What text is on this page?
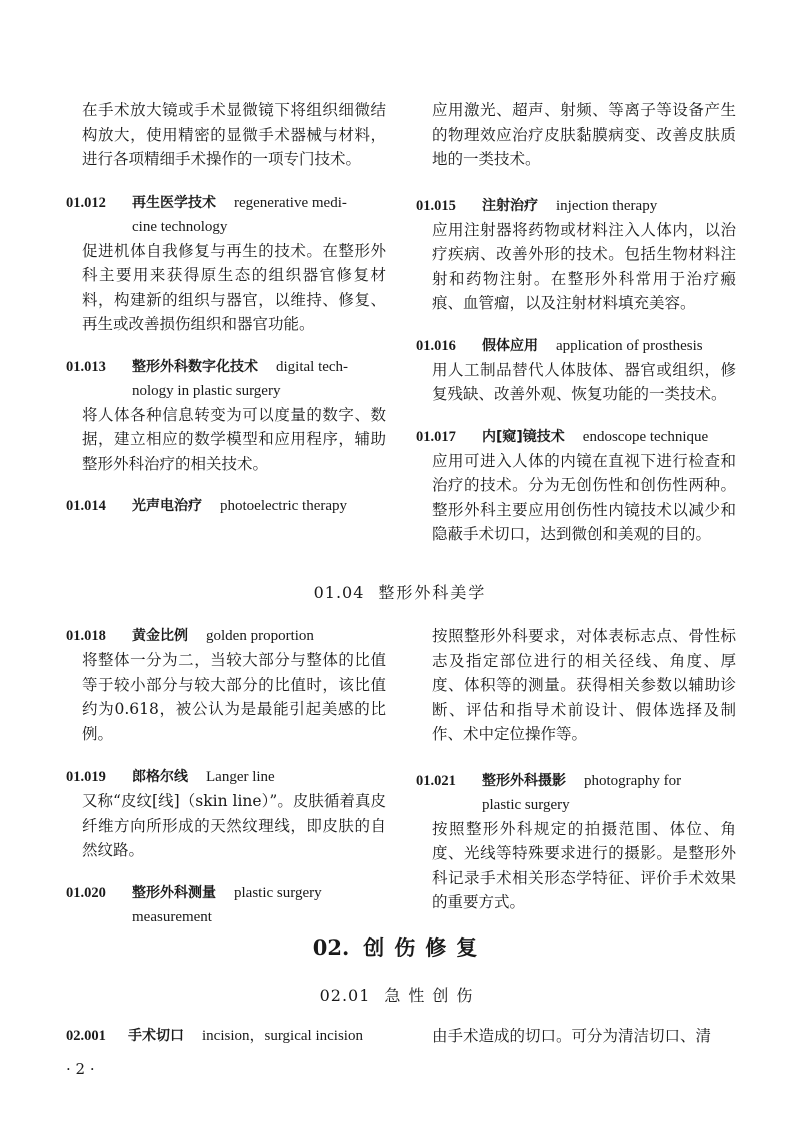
在手术放大镜或手术显微镜下将组织细微结构放大，使用精密的显微手术器械与材料，进行各项精细手术操作的一项专门技术。

01.012	再生医学技术 regenerative medi-
cine technology

促进机体自我修复与再生的技术。在整形外科主要用来获得原生态的组织器官修复材料，构建新的组织与器官，以维持、修复、再生或改善损伤组织和器官功能。

01.013	整形外科数字化技术 digital tech-
nology in plastic surgery

将人体各种信息转变为可以度量的数字、数据，建立相应的数学模型和应用程序，辅助整形外科治疗的相关技术。

01.014	光声电治疗 photoelectric therapy

应用激光、超声、射频、等离子等设备产生的物理效应治疗皮肤黏膜病变、改善皮肤质地的一类技术。

01.015	注射治疗 injection therapy

应用注射器将药物或材料注入人体内，以治疗疾病、改善外形的技术。包括生物材料注射和药物注射。在整形外科常用于治疗瘢痕、血管瘤，以及注射材料填充美容。

01.016	假体应用 application of prosthesis

用人工制品替代人体肢体、器官或组织，修复残缺、改善外观、恢复功能的一类技术。

01.017	内[窥]镜技术 endoscope technique

应用可进入人体的内镜在直视下进行检查和治疗的技术。分为无创伤性和创伤性两种。整形外科主要应用创伤性内镜技术以减少和隐蔽手术切口，达到微创和美观的目的。

01.04 整形外科美学
01.018	黄金比例 golden proportion

将整体一分为二，当较大部分与整体的比值等于较小部分与较大部分的比值时，该比值约为0.618，被公认为是最能引起美感的比例。

01.019	郎格尔线 Langer line

又称“皮纹[线]（skin line）”。皮肤循着真皮纤维方向所形成的天然纹理线，即皮肤的自然纹路。

01.020	整形外科测量 plastic surgery
measurement

按照整形外科要求，对体表标志点、骨性标志及指定部位进行的相关径线、角度、厚度、体积等的测量。获得相关参数以辅助诊断、评估和指导术前设计、假体选择及制作、术中定位操作等。

01.021	整形外科摄影 photography for
plastic surgery

按照整形外科规定的拍摄范围、体位、角度、光线等特殊要求进行的摄影。是整形外科记录手术相关形态学特征、评价手术效果的重要方式。

02. 创伤修复
02.01 急性创伤
02.001	手术切口 incision，surgical incision	由手术造成的切口。可分为清洁切口、清

· 2 ·
